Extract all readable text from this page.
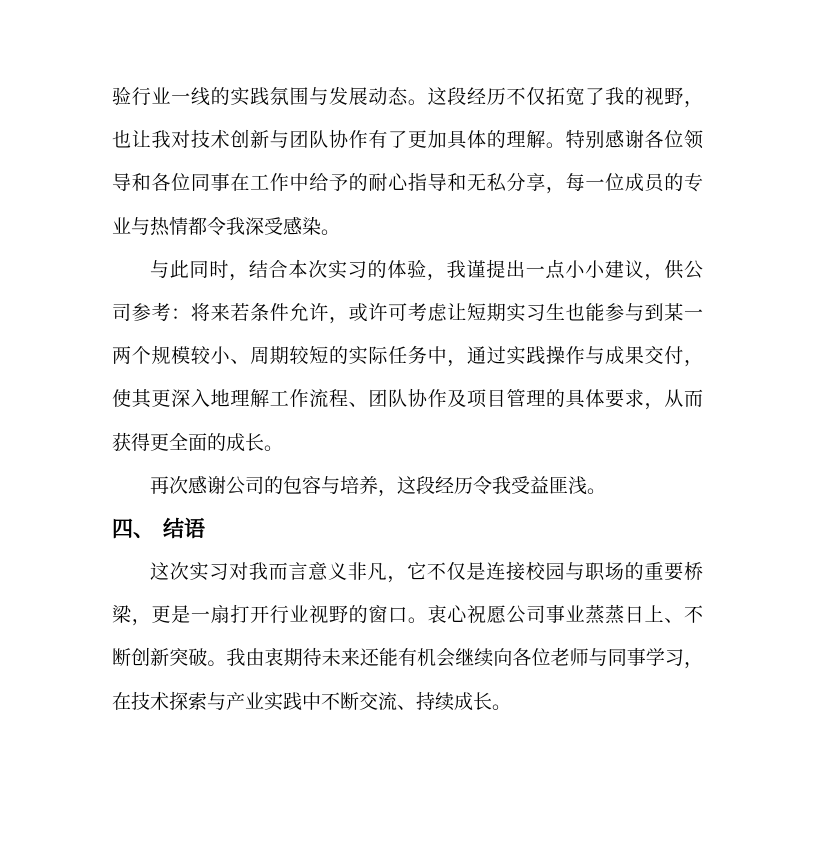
验行业一线的实践氛围与发展动态。这段经历不仅拓宽了我的视野，
也让我对技术创新与团队协作有了更加具体的理解。特别感谢各位领
导和各位同事在工作中给予的耐心指导和无私分享，每一位成员的专
业与热情都令我深受感染。
与此同时，结合本次实习的体验，我谨提出一点小小建议，供公
司参考：将来若条件允许，或许可考虑让短期实习生也能参与到某一
两个规模较小、周期较短的实际任务中，通过实践操作与成果交付，
使其更深入地理解工作流程、团队协作及项目管理的具体要求，从而
获得更全面的成长。
再次感谢公司的包容与培养，这段经历令我受益匪浅。
四、 结语
这次实习对我而言意义非凡，它不仅是连接校园与职场的重要桥
梁，更是一扇打开行业视野的窗口。衷心祝愿公司事业蒸蒸日上、不
断创新突破。我由衷期待未来还能有机会继续向各位老师与同事学习，
在技术探索与产业实践中不断交流、持续成长。
